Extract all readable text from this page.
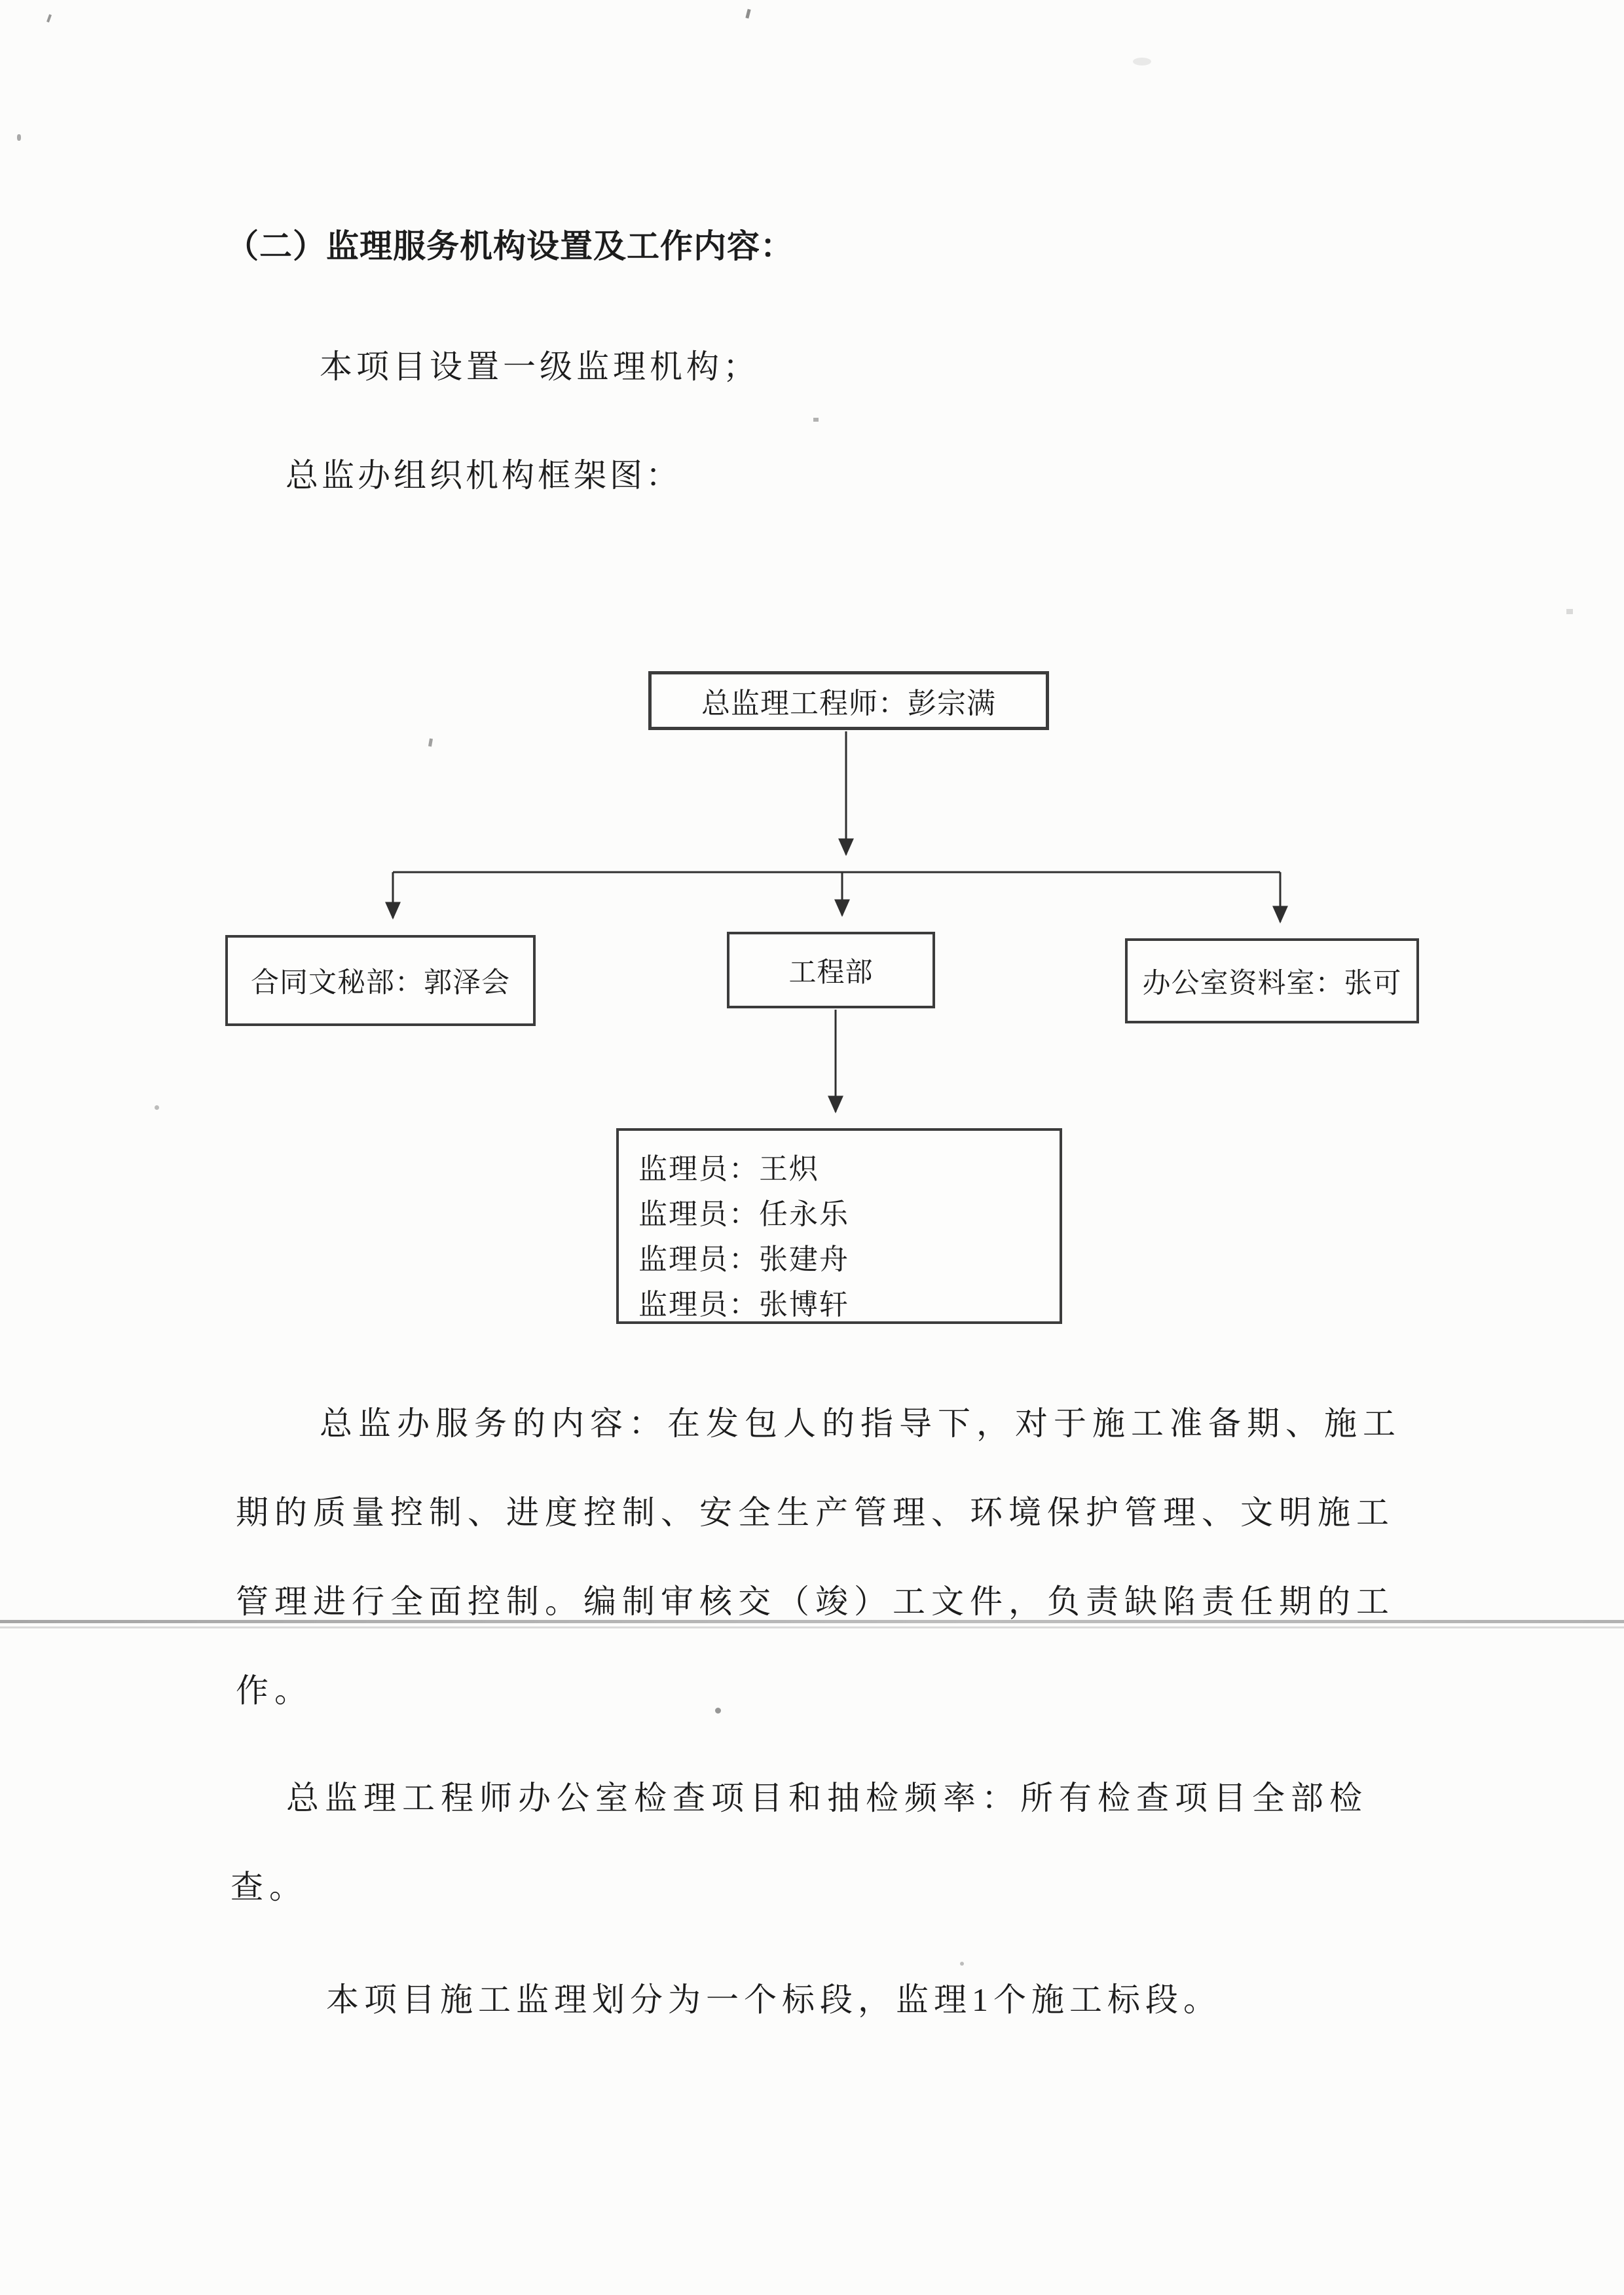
（二）监理服务机构设置及工作内容：
本项目设置一级监理机构；
总监办组织机构框架图：
总监理工程师：彭宗满
合同文秘部：郭泽会	工程部	办公室资料室：张可
监理员：王炽
监理员：任永乐
监理员：张建舟
监理员：张博轩
总监办服务的内容：在发包人的指导下，对于施工准备期、施工
期的质量控制、进度控制、安全生产管理、环境保护管理、文明施工
管理进行全面控制。编制审核交（竣）工文件，负责缺陷责任期的工
作。
总监理工程师办公室检查项目和抽检频率：所有检查项目全部检
查。
本项目施工监理划分为一个标段，监理1个施工标段。
